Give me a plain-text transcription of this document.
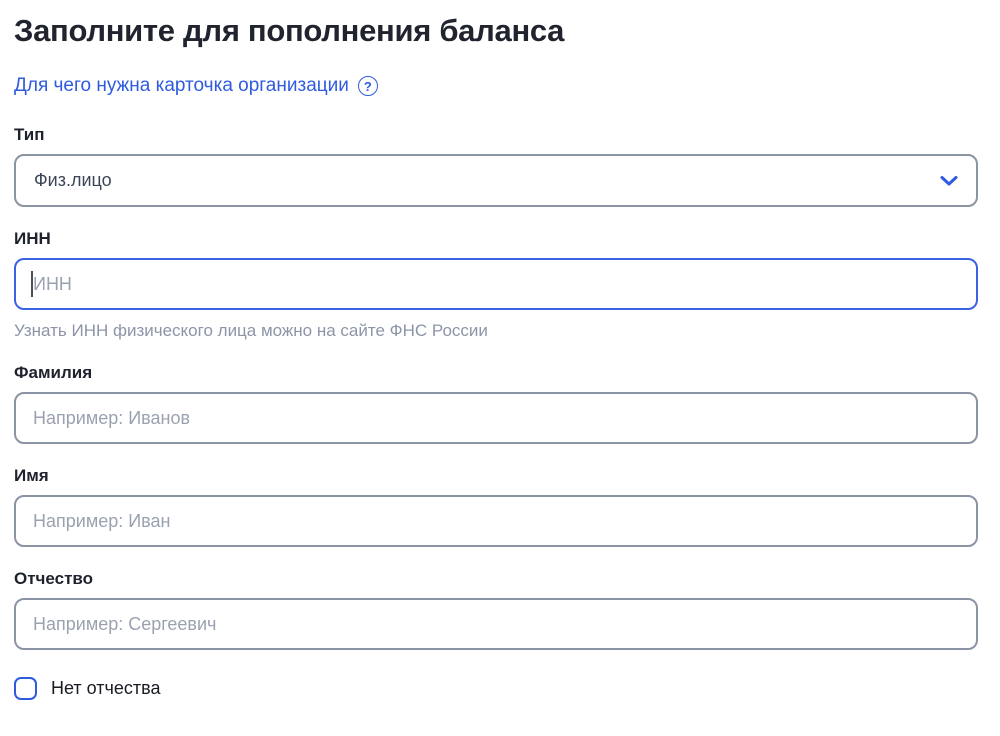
Заполните для пополнения баланса
Для чего нужна карточка организации	?
Тип
Физ.лицо
ИНН
ИНН
Узнать ИНН физического лица можно на сайте ФНС России
Фамилия
Например: Иванов
Имя
Например: Иван
Отчество
Например: Сергеевич
Нет отчества
